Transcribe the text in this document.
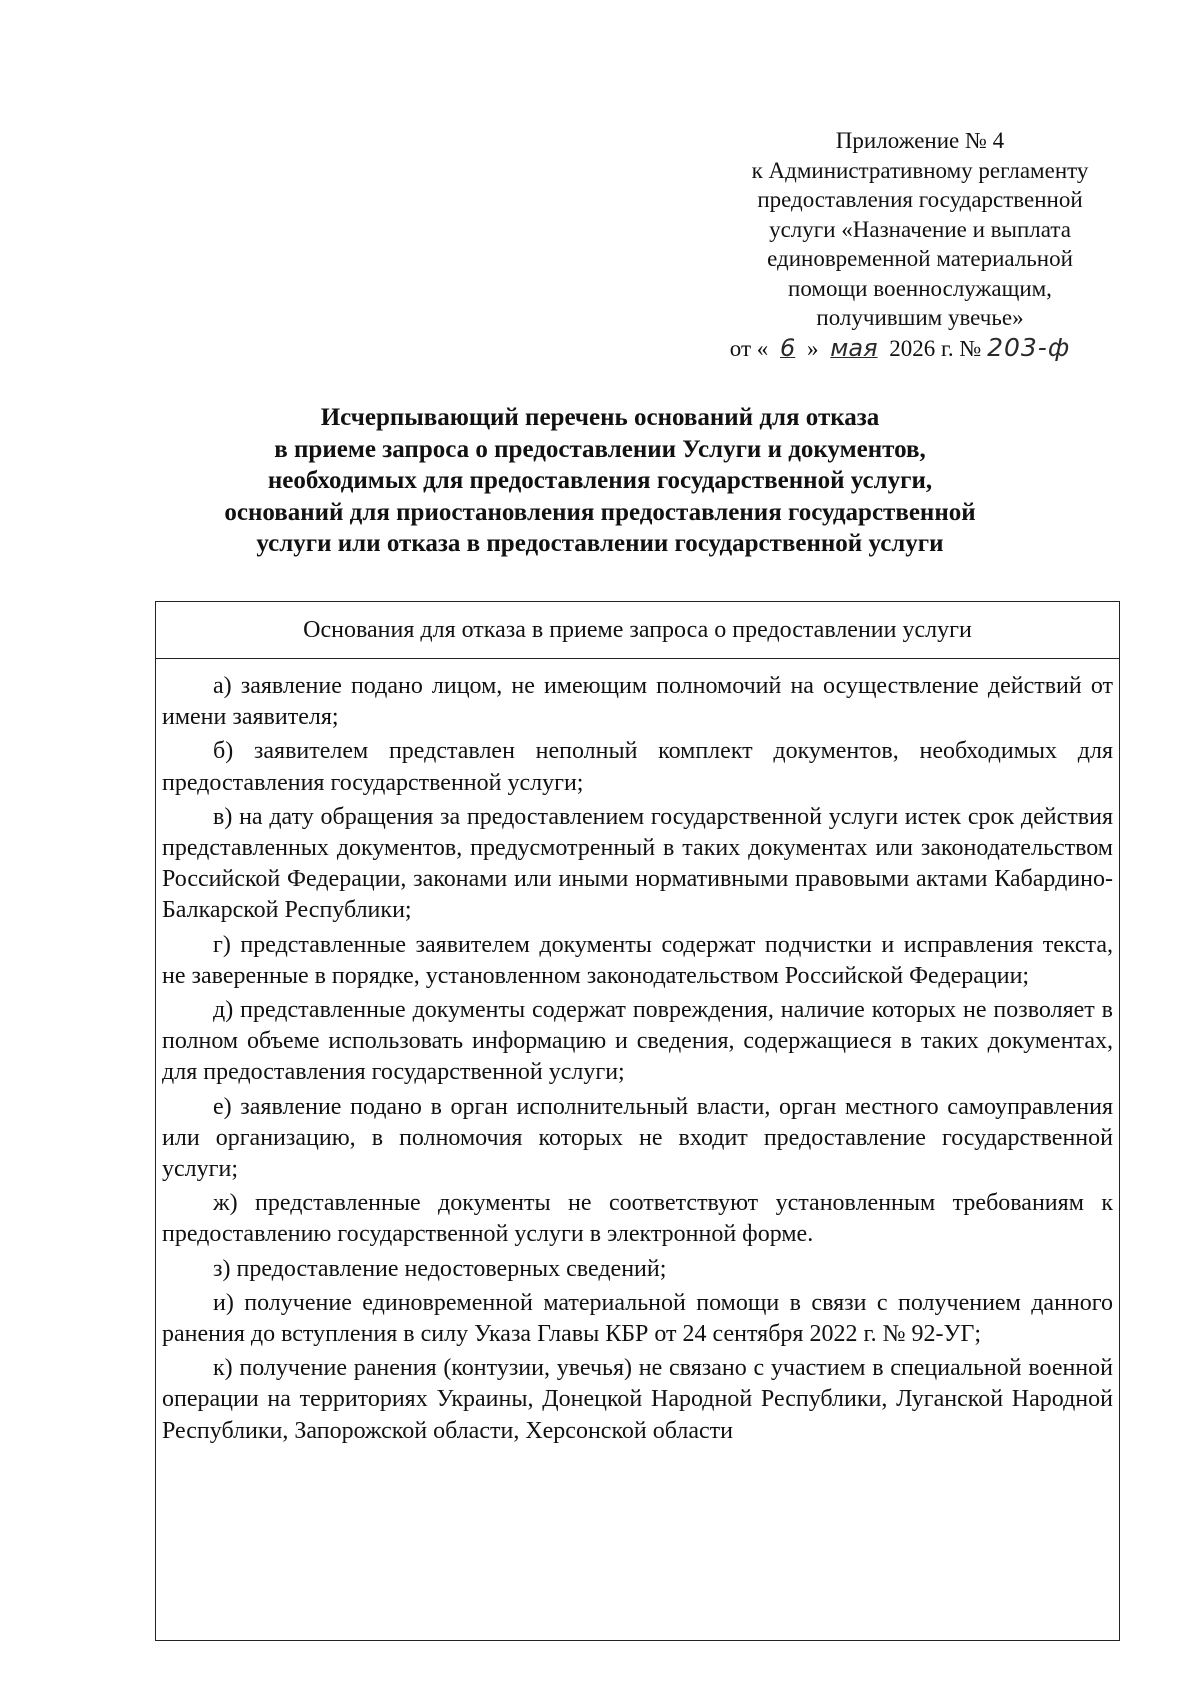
Приложение № 4
к Административному регламенту
предоставления государственной
услуги «Назначение и выплата
единовременной материальной
помощи военнослужащим,
получившим увечье»
от « 6 » мая 2026 г. № 203-ф
Исчерпывающий перечень оснований для отказа
в приеме запроса о предоставлении Услуги и документов,
необходимых для предоставления государственной услуги,
оснований для приостановления предоставления государственной
услуги или отказа в предоставлении государственной услуги
Основания для отказа в приеме запроса о предоставлении услуги

а) заявление подано лицом, не имеющим полномочий на осуществление действий от имени заявителя;

б) заявителем представлен неполный комплект документов, необходимых для предоставления государственной услуги;

в) на дату обращения за предоставлением государственной услуги истек срок действия представленных документов, предусмотренный в таких документах или законодательством Российской Федерации, законами или иными нормативными правовыми актами Кабардино-Балкарской Республики;

г) представленные заявителем документы содержат подчистки и исправления текста, не заверенные в порядке, установленном законодательством Российской Федерации;

д) представленные документы содержат повреждения, наличие которых не позволяет в полном объеме использовать информацию и сведения, содержащиеся в таких документах, для предоставления государственной услуги;

е) заявление подано в орган исполнительный власти, орган местного самоуправления или организацию, в полномочия которых не входит предоставление государственной услуги;

ж) представленные документы не соответствуют установленным требованиям к предоставлению государственной услуги в электронной форме.

з) предоставление недостоверных сведений;

и) получение единовременной материальной помощи в связи с получением данного ранения до вступления в силу Указа Главы КБР от 24 сентября 2022 г. № 92-УГ;

к) получение ранения (контузии, увечья) не связано с участием в специальной военной операции на территориях Украины, Донецкой Народной Республики, Луганской Народной Республики, Запорожской области, Херсонской области
